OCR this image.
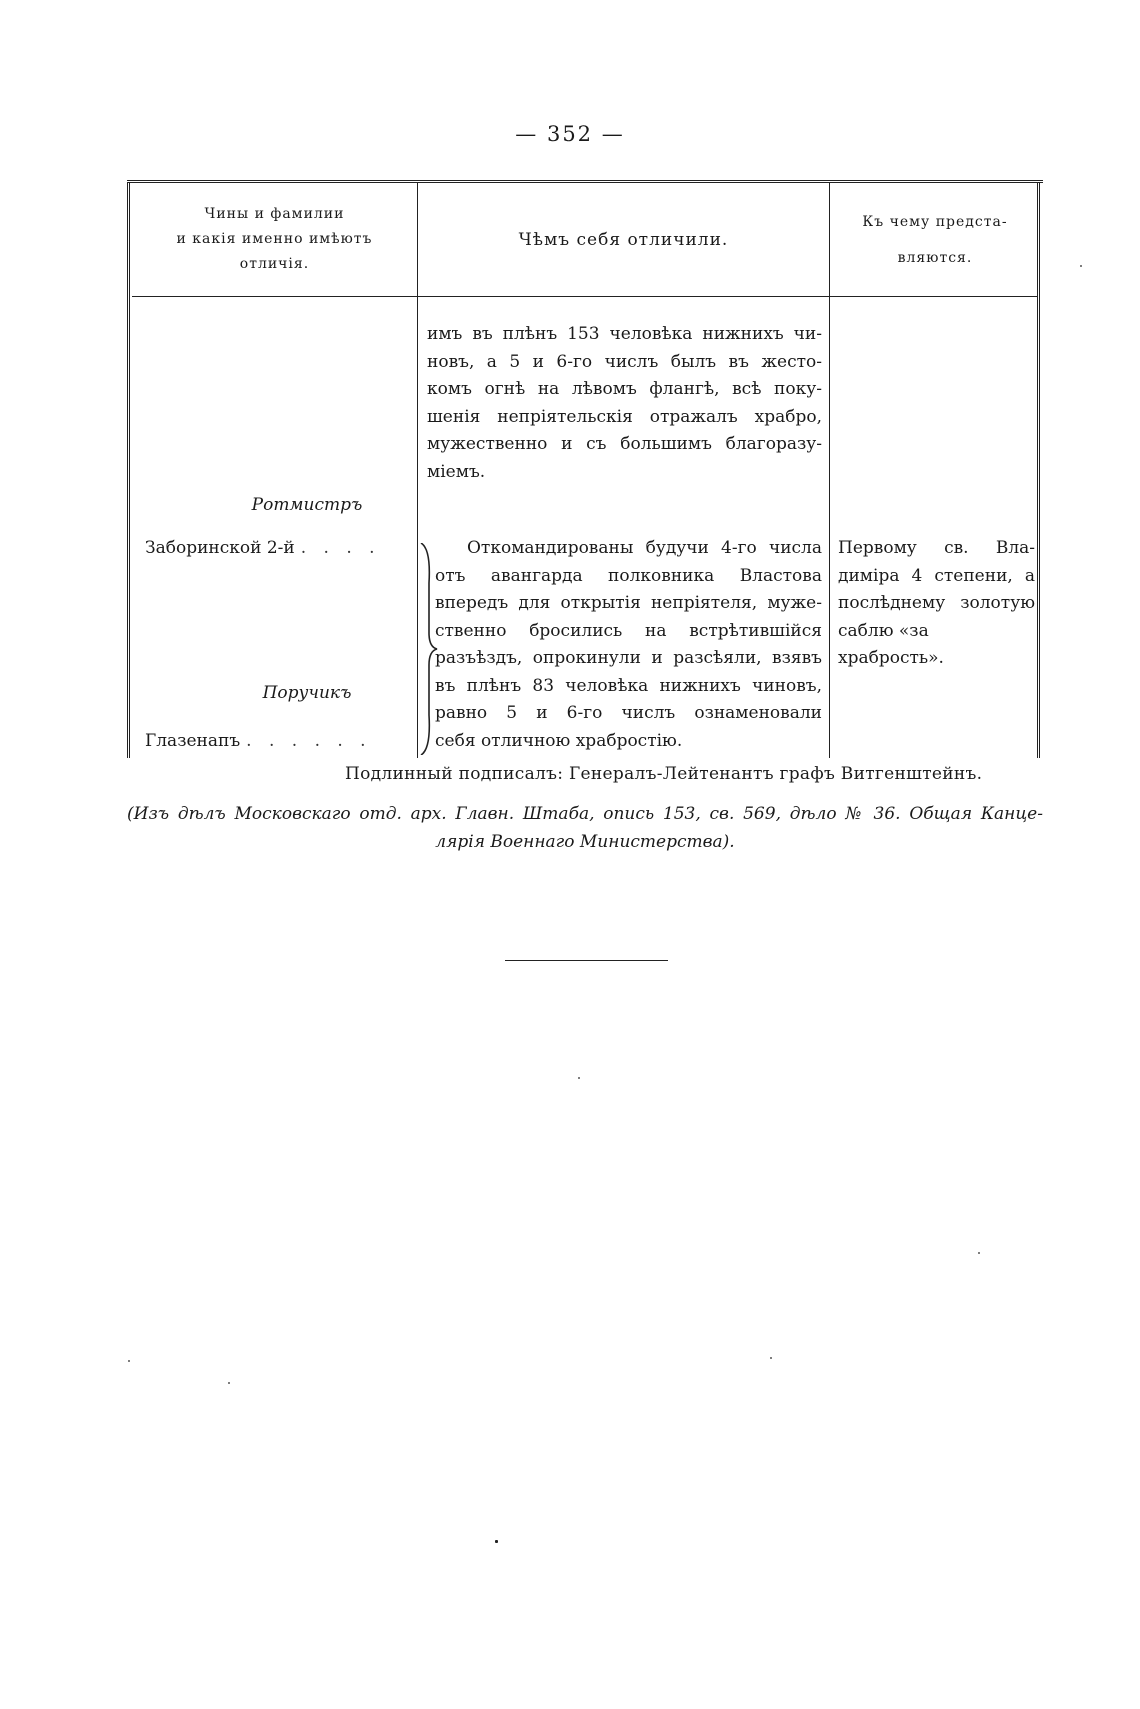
— 352 —
Чины и фамилии
и какія именно имѣютъ
отличія.
Чѣмъ себя отличили.
Къ чему предста-
вляются.
имъ въ плѣнъ 153 человѣка нижнихъ чи-
новъ, а 5 и 6-го числъ былъ въ жесто-
комъ огнѣ на лѣвомъ флангѣ, всѣ поку-
шенія непріятельскія отражалъ храбро,
мужественно и съ большимъ благоразу-
міемъ.
Ротмистръ
Заборинской 2-й . . . .
Поручикъ
Глазенапъ . . . . . .
Откомандированы будучи 4-го числа
отъ авангарда полковника Властова
впередъ для открытія непріятеля, муже-
ственно бросились на встрѣтившійся
разъѣздъ, опрокинули и разсѣяли, взявъ
въ плѣнъ 83 человѣка нижнихъ чиновъ,
равно 5 и 6-го числъ ознаменовали
себя отличною храбростію.
Первому св. Вла-
диміра 4 степени, а
послѣднему золотую
саблю «за храбрость».
Подлинный подписалъ: Генералъ-Лейтенантъ графъ Витгенштейнъ.
(Изъ дѣлъ Московскаго отд. арх. Главн. Штаба, опись 153, св. 569, дѣло № 36. Общая Канце-
лярія Военнаго Министерства).
